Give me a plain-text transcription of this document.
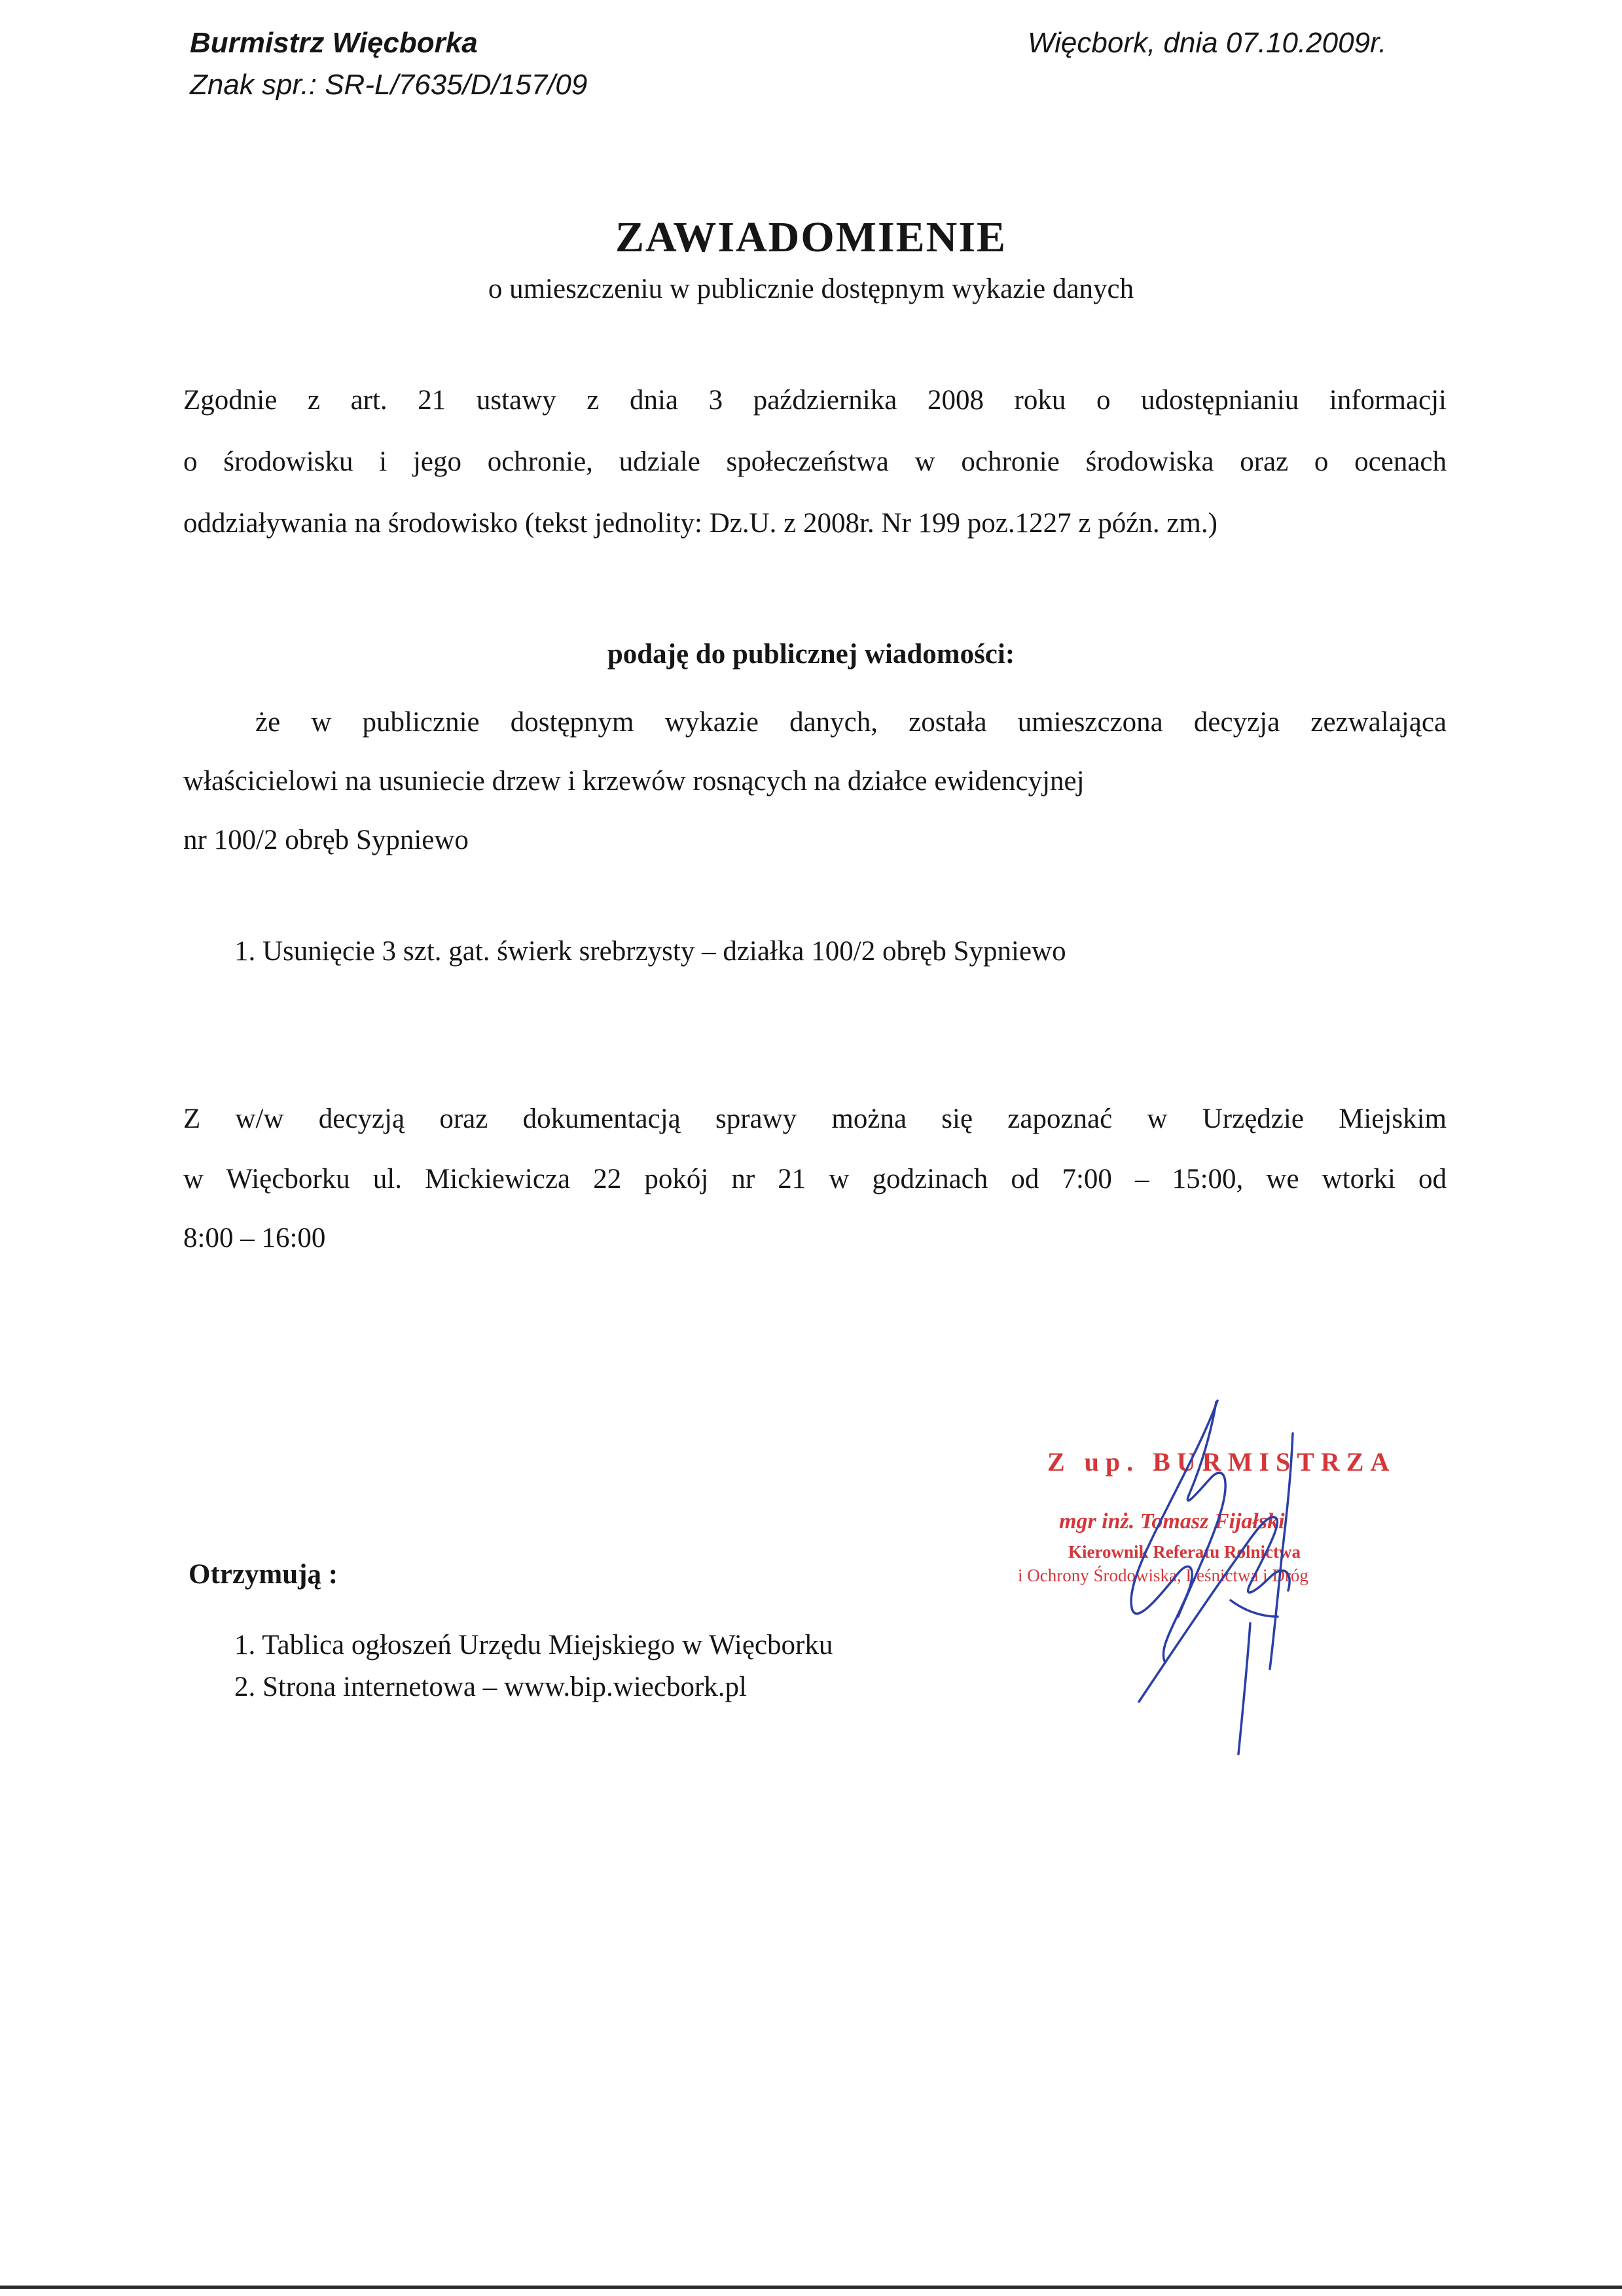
Burmistrz Więcborka
Znak spr.: SR-L/7635/D/157/09
Więcbork, dnia 07.10.2009r.
ZAWIADOMIENIE
o umieszczeniu w publicznie dostępnym wykazie danych
Zgodnie z art. 21 ustawy z dnia 3 października 2008 roku o udostępnianiu informacji
o środowisku i jego ochronie, udziale społeczeństwa w ochronie środowiska oraz o ocenach
oddziaływania na środowisko (tekst jednolity: Dz.U. z 2008r. Nr 199 poz.1227 z późn. zm.)
podaję do publicznej wiadomości:
że w publicznie dostępnym wykazie danych, została umieszczona decyzja zezwalająca
właścicielowi na usuniecie drzew i krzewów rosnących na działce ewidencyjnej
nr 100/2 obręb Sypniewo
1. Usunięcie 3 szt. gat. świerk srebrzysty – działka 100/2 obręb Sypniewo
Z w/w decyzją oraz dokumentacją sprawy można się zapoznać w Urzędzie Miejskim
w Więcborku ul. Mickiewicza 22 pokój nr 21 w godzinach od 7:00 – 15:00, we wtorki od
8:00 – 16:00
Z up. BURMISTRZA
mgr inż. Tomasz Fijałski
Kierownik Referatu Rolnictwa
i Ochrony Środowiska, Leśnictwa i Dróg
Otrzymują :
1. Tablica ogłoszeń Urzędu Miejskiego w Więcborku
2. Strona internetowa – www.bip.wiecbork.pl
